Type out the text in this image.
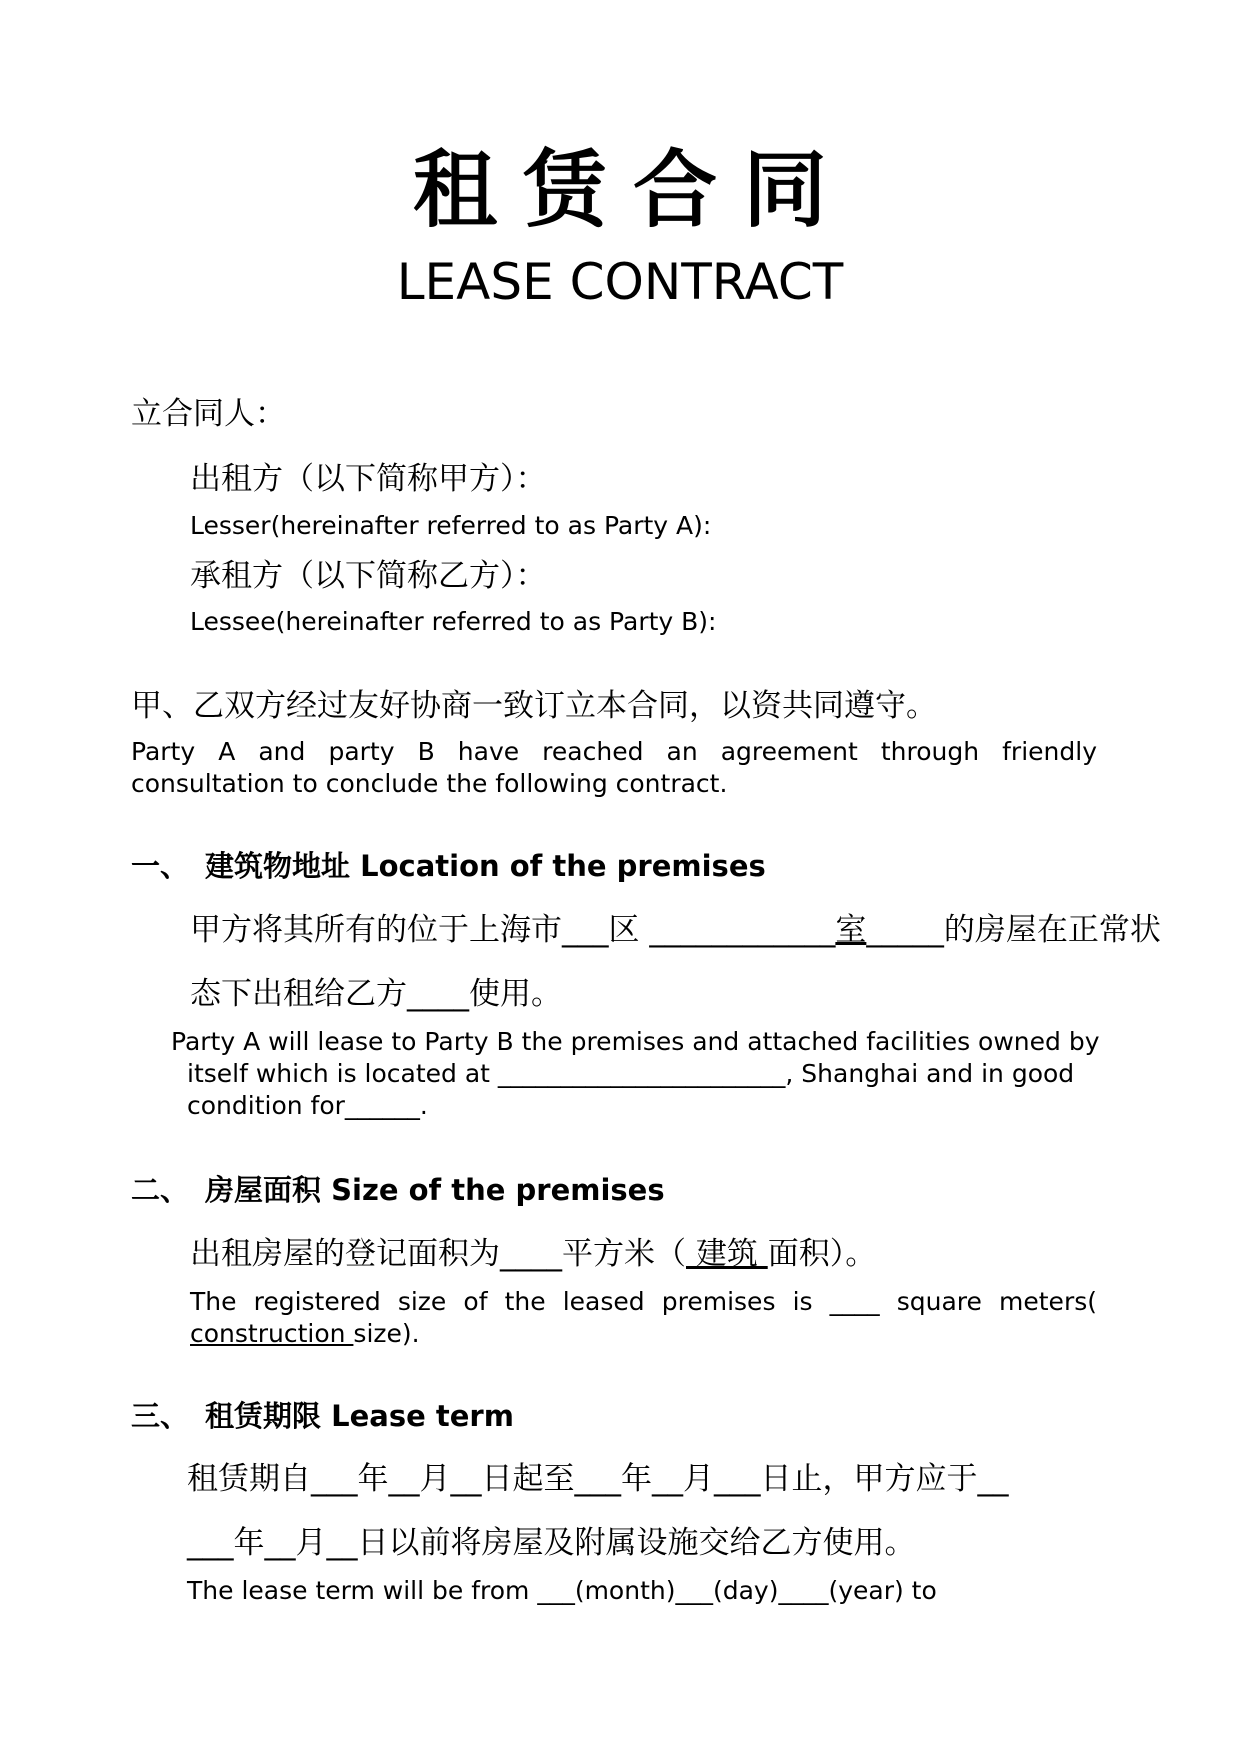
租赁合同
LEASE CONTRACT
立合同人：
出租方（以下简称甲方）：
Lesser(hereinafter referred to as Party A):
承租方（以下简称乙方）：
Lessee(hereinafter referred to as Party B):
甲、乙双方经过友好协商一致订立本合同，以资共同遵守。
Party A and party B have reached an agreement through friendly
consultation to conclude the following contract.
一、 建筑物地址 Location of the premises
甲方将其所有的位于上海市___区 ____________室_____的房屋在正常状
态下出租给乙方____使用。
Party A will lease to Party B the premises and attached facilities owned by
itself which is located at _______________________, Shanghai and in good
condition for______.
二、 房屋面积 Size of the premises
出租房屋的登记面积为____平方米（ 建筑 面积）。
The registered size of the leased premises is ____ square meters(
construction size).
三、 租赁期限 Lease term
租赁期自___年__月__日起至___年__月___日止，甲方应于__
___年__月__日以前将房屋及附属设施交给乙方使用。
The lease term will be from ___(month)___(day)____(year) to
